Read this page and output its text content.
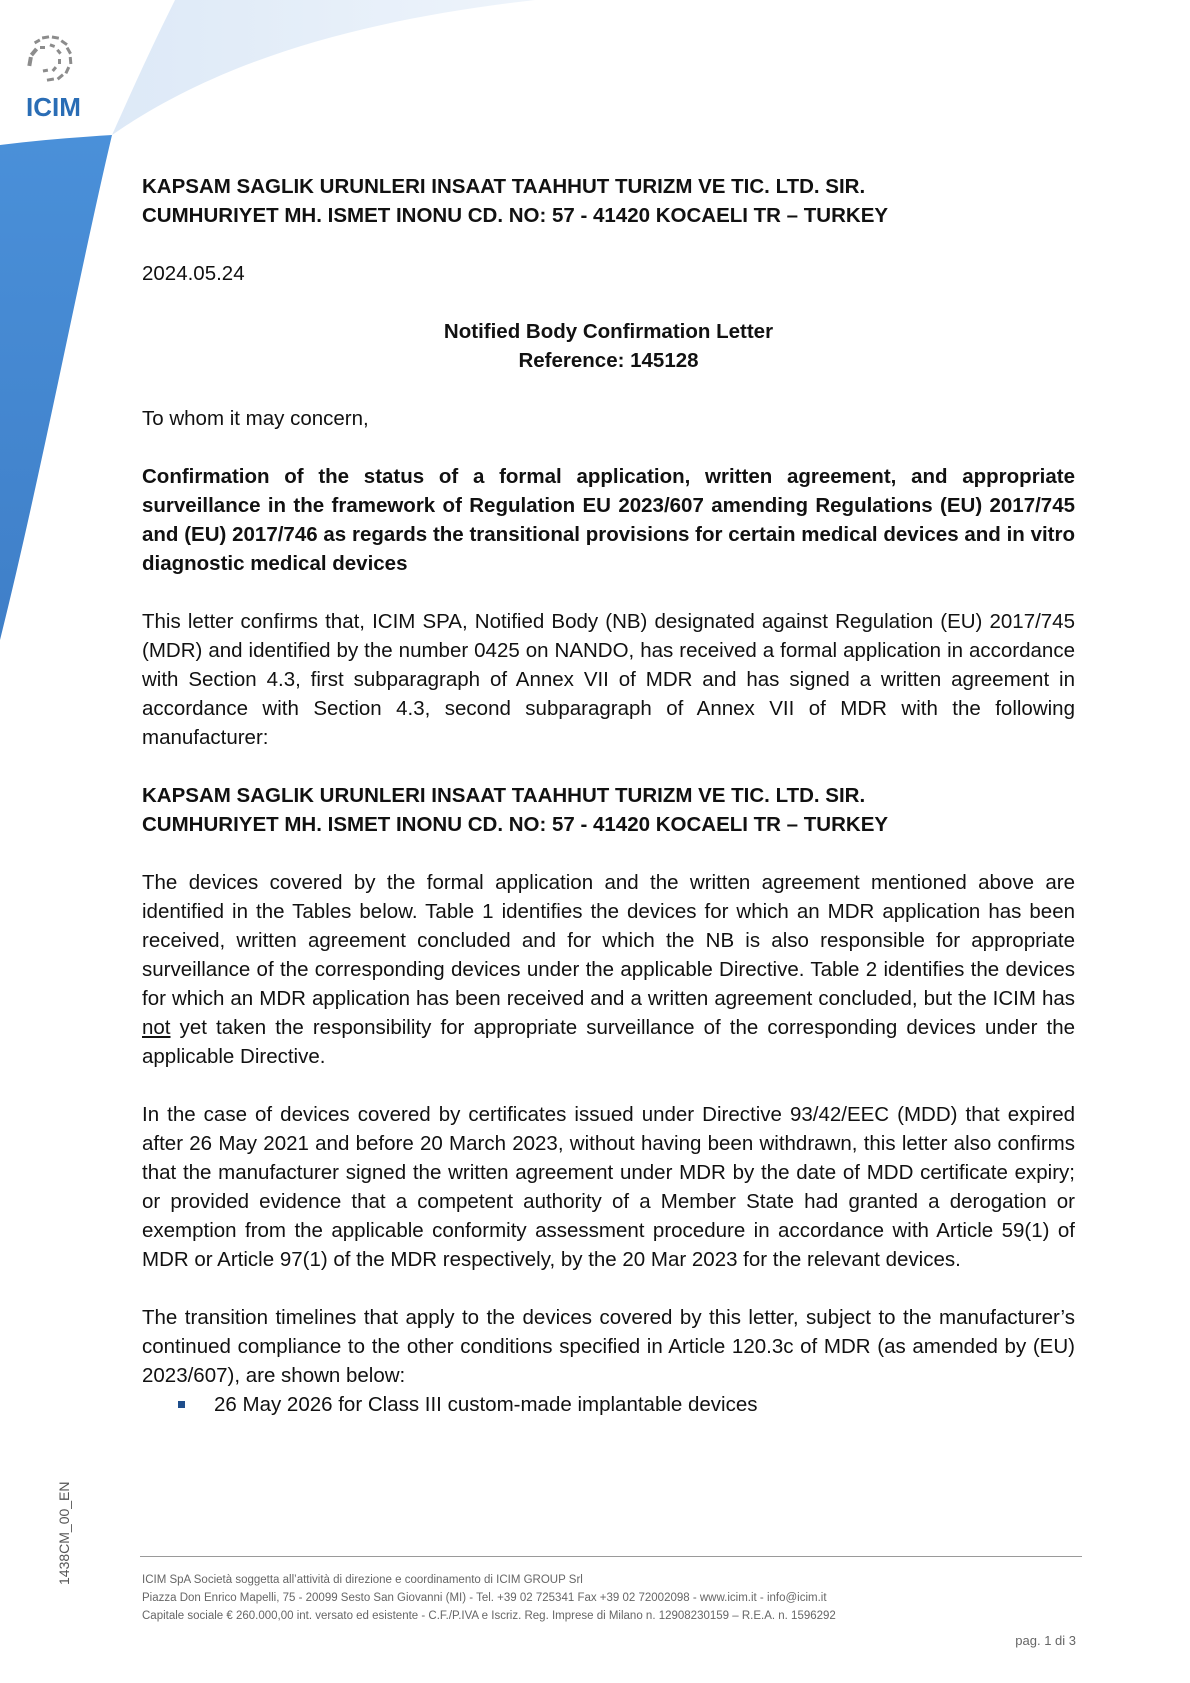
ICIM
KAPSAM SAGLIK URUNLERI INSAAT TAAHHUT TURIZM VE TIC. LTD. SIR.
CUMHURIYET MH. ISMET INONU CD. NO: 57 - 41420 KOCAELI TR – TURKEY
2024.05.24
Notified Body Confirmation Letter
Reference: 145128
To whom it may concern,
Confirmation of the status of a formal application, written agreement, and appropriate surveillance in the framework of Regulation EU 2023/607 amending Regulations (EU) 2017/745 and (EU) 2017/746 as regards the transitional provisions for certain medical devices and in vitro diagnostic medical devices
This letter confirms that, ICIM SPA, Notified Body (NB) designated against Regulation (EU) 2017/745 (MDR) and identified by the number 0425 on NANDO, has received a formal application in accordance with Section 4.3, first subparagraph of Annex VII of MDR and has signed a written agreement in accordance with Section 4.3, second subparagraph of Annex VII of MDR with the following manufacturer:
KAPSAM SAGLIK URUNLERI INSAAT TAAHHUT TURIZM VE TIC. LTD. SIR.
CUMHURIYET MH. ISMET INONU CD. NO: 57 - 41420 KOCAELI TR – TURKEY
The devices covered by the formal application and the written agreement mentioned above are identified in the Tables below. Table 1 identifies the devices for which an MDR application has been received, written agreement concluded and for which the NB is also responsible for appropriate surveillance of the corresponding devices under the applicable Directive. Table 2 identifies the devices for which an MDR application has been received and a written agreement concluded, but the ICIM has not yet taken the responsibility for appropriate surveillance of the corresponding devices under the applicable Directive.
In the case of devices covered by certificates issued under Directive 93/42/EEC (MDD) that expired after 26 May 2021 and before 20 March 2023, without having been withdrawn, this letter also confirms that the manufacturer signed the written agreement under MDR by the date of MDD certificate expiry; or provided evidence that a competent authority of a Member State had granted a derogation or exemption from the applicable conformity assessment procedure in accordance with Article 59(1) of MDR or Article 97(1) of the MDR respectively, by the 20 Mar 2023 for the relevant devices.
The transition timelines that apply to the devices covered by this letter, subject to the manufacturer’s continued compliance to the other conditions specified in Article 120.3c of MDR (as amended by (EU) 2023/607), are shown below:
26 May 2026 for Class III custom-made implantable devices
1438CM_00_EN	ICIM SpA Società soggetta all’attività di direzione e coordinamento di ICIM GROUP Srl
Piazza Don Enrico Mapelli, 75 - 20099 Sesto San Giovanni (MI) - Tel. +39 02 725341 Fax +39 02 72002098 - www.icim.it - info@icim.it
Capitale sociale € 260.000,00 int. versato ed esistente - C.F./P.IVA e Iscriz. Reg. Imprese di Milano n. 12908230159 – R.E.A. n. 1596292
pag. 1 di 3
